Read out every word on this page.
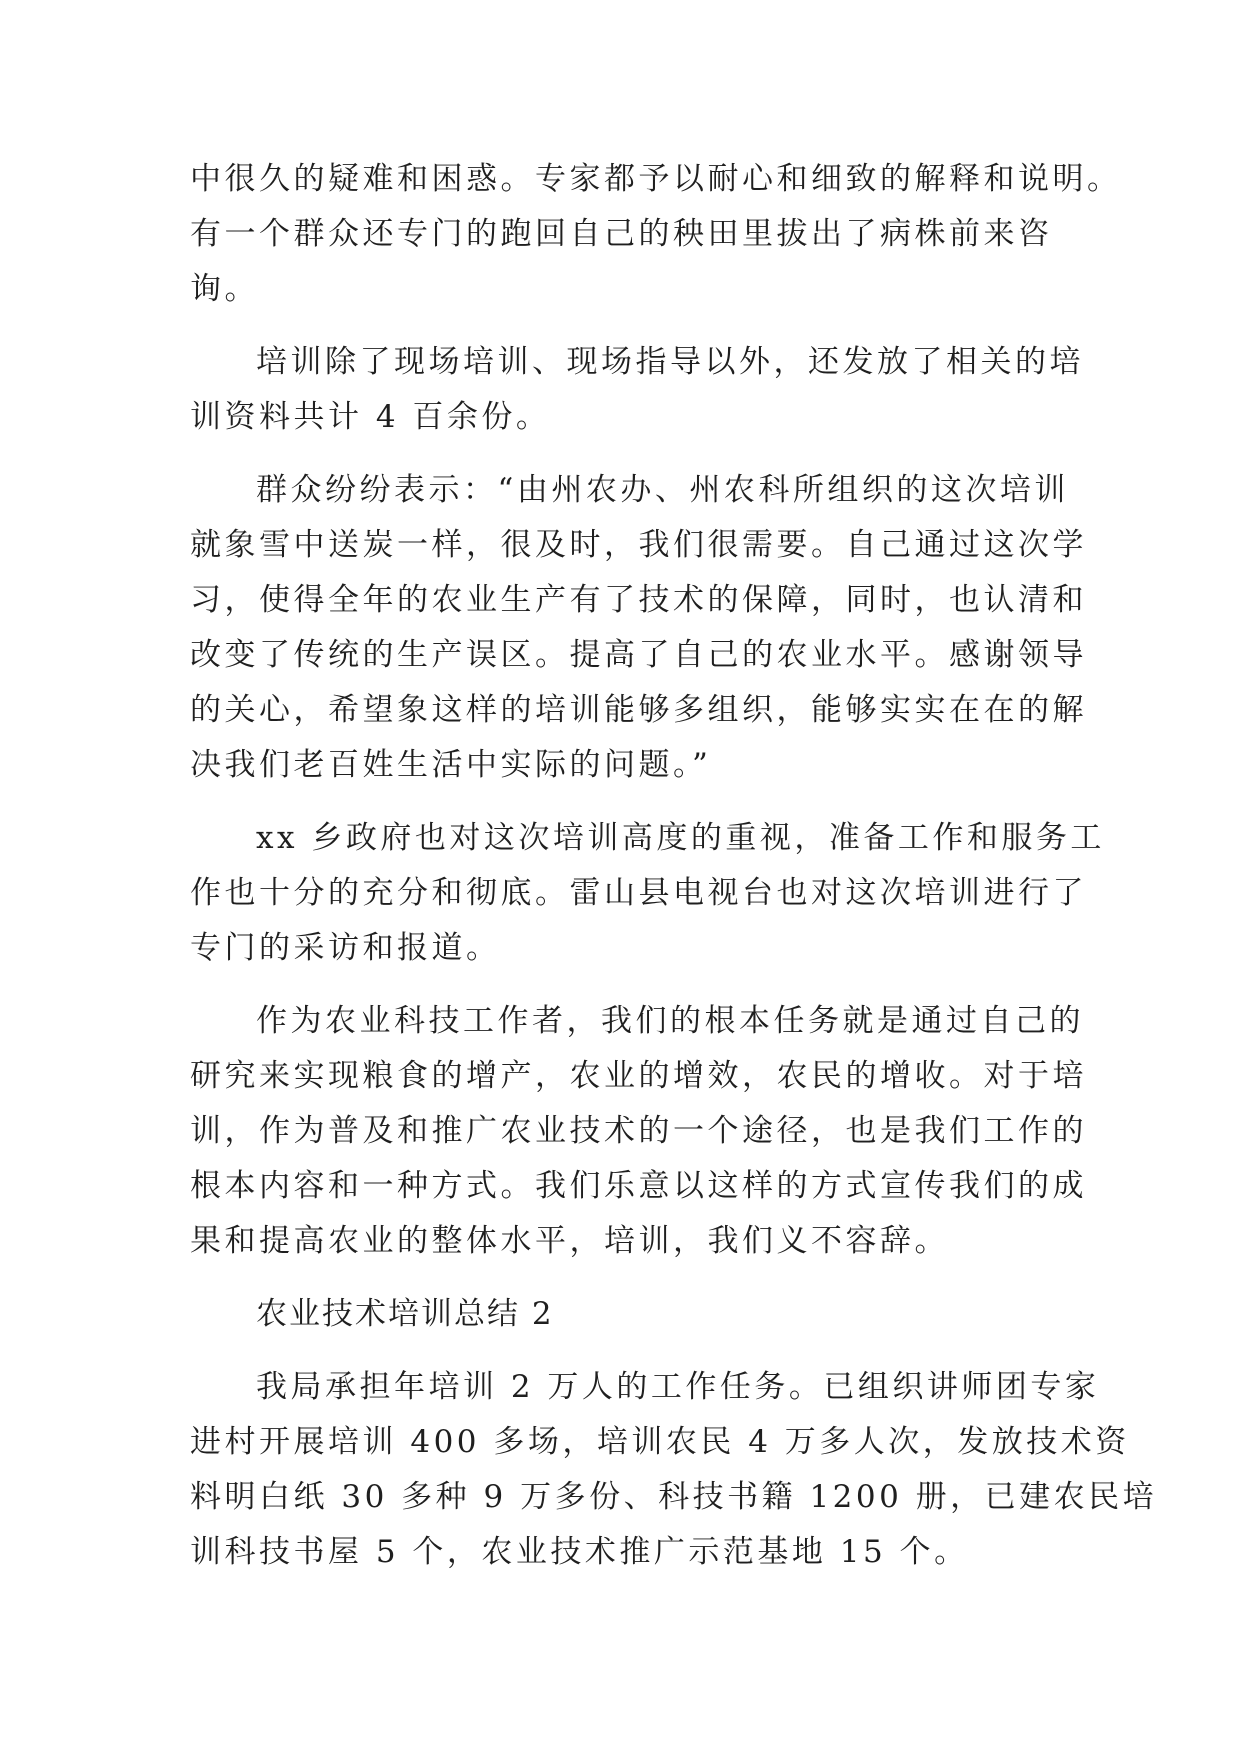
中很久的疑难和困惑。专家都予以耐心和细致的解释和说明。
有一个群众还专门的跑回自己的秧田里拔出了病株前来咨
询。
培训除了现场培训、现场指导以外，还发放了相关的培
训资料共计 4 百余份。
群众纷纷表示：“由州农办、州农科所组织的这次培训
就象雪中送炭一样，很及时，我们很需要。自己通过这次学
习，使得全年的农业生产有了技术的保障，同时，也认清和
改变了传统的生产误区。提高了自己的农业水平。感谢领导
的关心，希望象这样的培训能够多组织，能够实实在在的解
决我们老百姓生活中实际的问题。”
xx 乡政府也对这次培训高度的重视，准备工作和服务工
作也十分的充分和彻底。雷山县电视台也对这次培训进行了
专门的采访和报道。
作为农业科技工作者，我们的根本任务就是通过自己的
研究来实现粮食的增产，农业的增效，农民的增收。对于培
训，作为普及和推广农业技术的一个途径，也是我们工作的
根本内容和一种方式。我们乐意以这样的方式宣传我们的成
果和提高农业的整体水平，培训，我们义不容辞。
农业技术培训总结 2
我局承担年培训 2 万人的工作任务。已组织讲师团专家
进村开展培训 400 多场，培训农民 4 万多人次，发放技术资
料明白纸 30 多种 9 万多份、科技书籍 1200 册，已建农民培
训科技书屋 5 个，农业技术推广示范基地 15 个。
